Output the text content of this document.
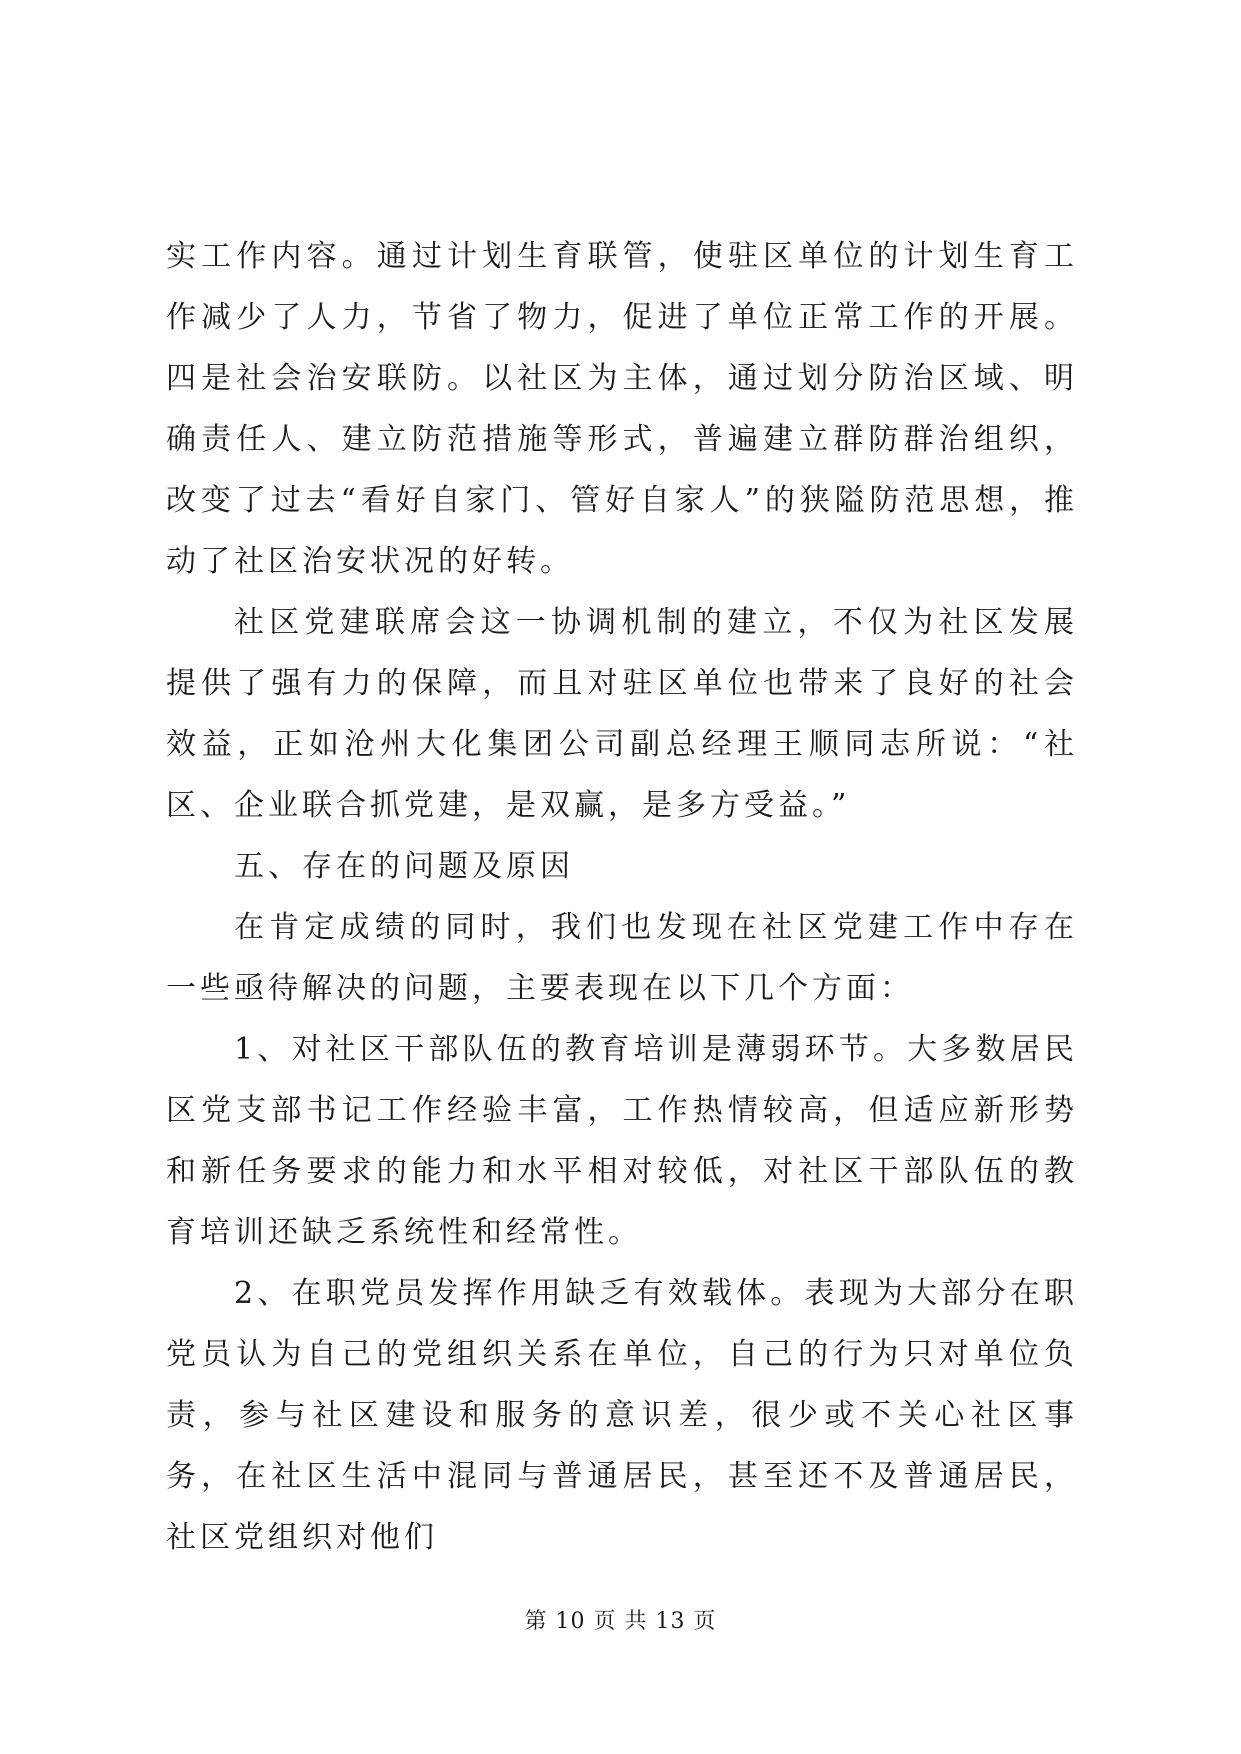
实工作内容。通过计划生育联管，使驻区单位的计划生育工作减少了人力，节省了物力，促进了单位正常工作的开展。四是社会治安联防。以社区为主体，通过划分防治区域、明确责任人、建立防范措施等形式，普遍建立群防群治组织，改变了过去“看好自家门、管好自家人”的狭隘防范思想，推动了社区治安状况的好转。

社区党建联席会这一协调机制的建立，不仅为社区发展提供了强有力的保障，而且对驻区单位也带来了良好的社会效益，正如沧州大化集团公司副总经理王顺同志所说：“社区、企业联合抓党建，是双赢，是多方受益。”

五、存在的问题及原因

在肯定成绩的同时，我们也发现在社区党建工作中存在一些亟待解决的问题，主要表现在以下几个方面：

1、对社区干部队伍的教育培训是薄弱环节。大多数居民区党支部书记工作经验丰富，工作热情较高，但适应新形势和新任务要求的能力和水平相对较低，对社区干部队伍的教育培训还缺乏系统性和经常性。

2、在职党员发挥作用缺乏有效载体。表现为大部分在职党员认为自己的党组织关系在单位，自己的行为只对单位负责，参与社区建设和服务的意识差，很少或不关心社区事务，在社区生活中混同与普通居民，甚至还不及普通居民，社区党组织对他们

第 10 页 共 13 页
